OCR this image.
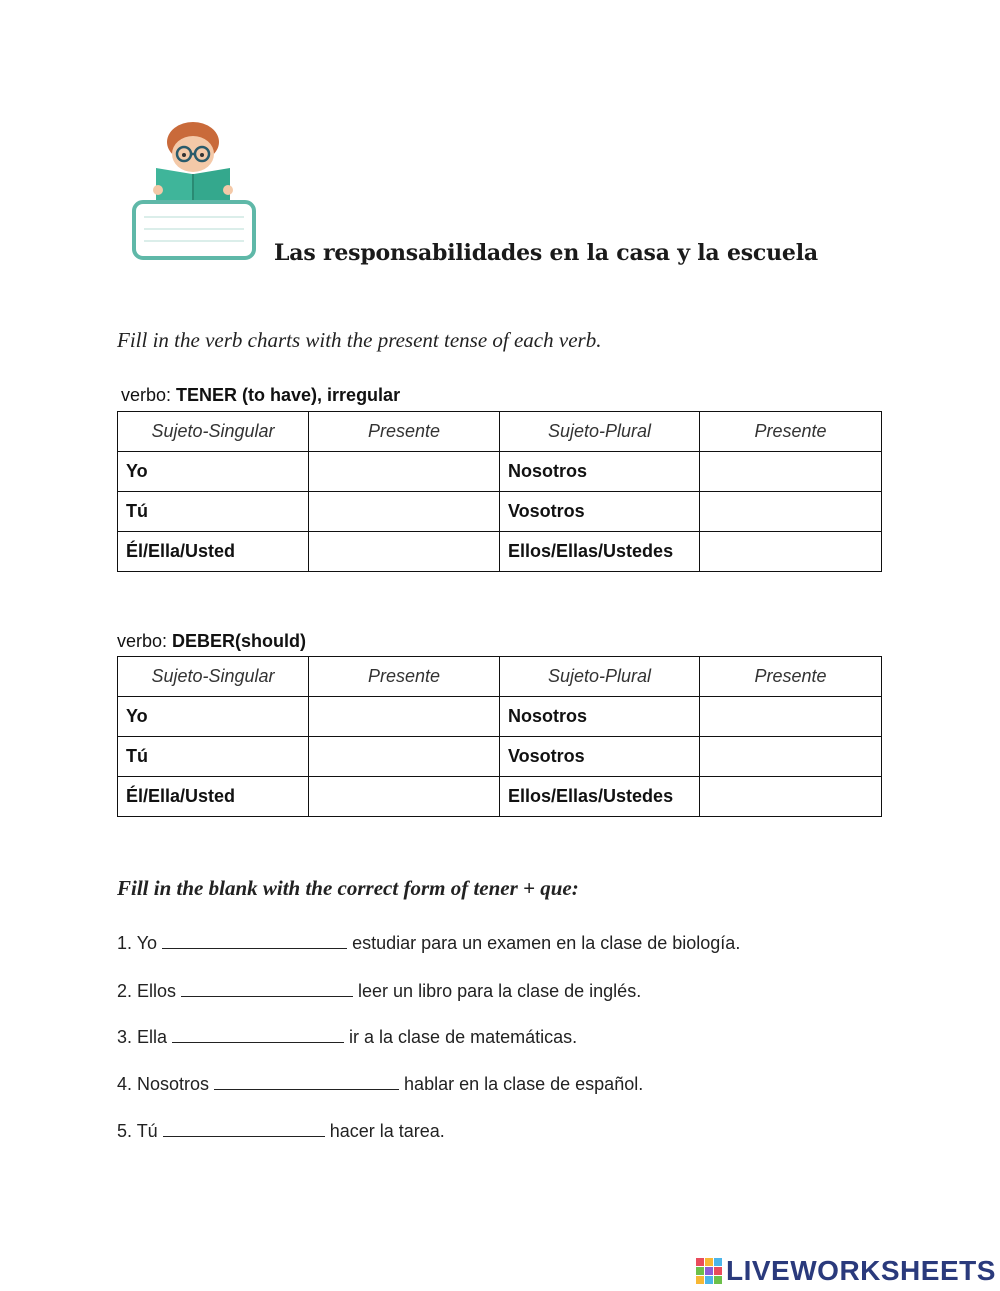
Las responsabilidades en la casa y la escuela
Fill in the verb charts with the present tense of each verb.
verbo: TENER (to have), irregular
Sujeto-Singular	Presente	Sujeto-Plural	Presente
Yo		Nosotros	
Tú		Vosotros	
Él/Ella/Usted		Ellos/Ellas/Ustedes	
verbo: DEBER(should)
Sujeto-Singular	Presente	Sujeto-Plural	Presente
Yo		Nosotros	
Tú		Vosotros	
Él/Ella/Usted		Ellos/Ellas/Ustedes	
Fill in the blank with the correct form of tener + que:
1. Yo	estudiar para un examen en la clase de biología.
2. Ellos	leer un libro para la clase de inglés.
3. Ella	ir a la clase de matemáticas.
4. Nosotros	hablar en la clase de español.
5. Tú	hacer la tarea.
LIVEWORKSHEETS
